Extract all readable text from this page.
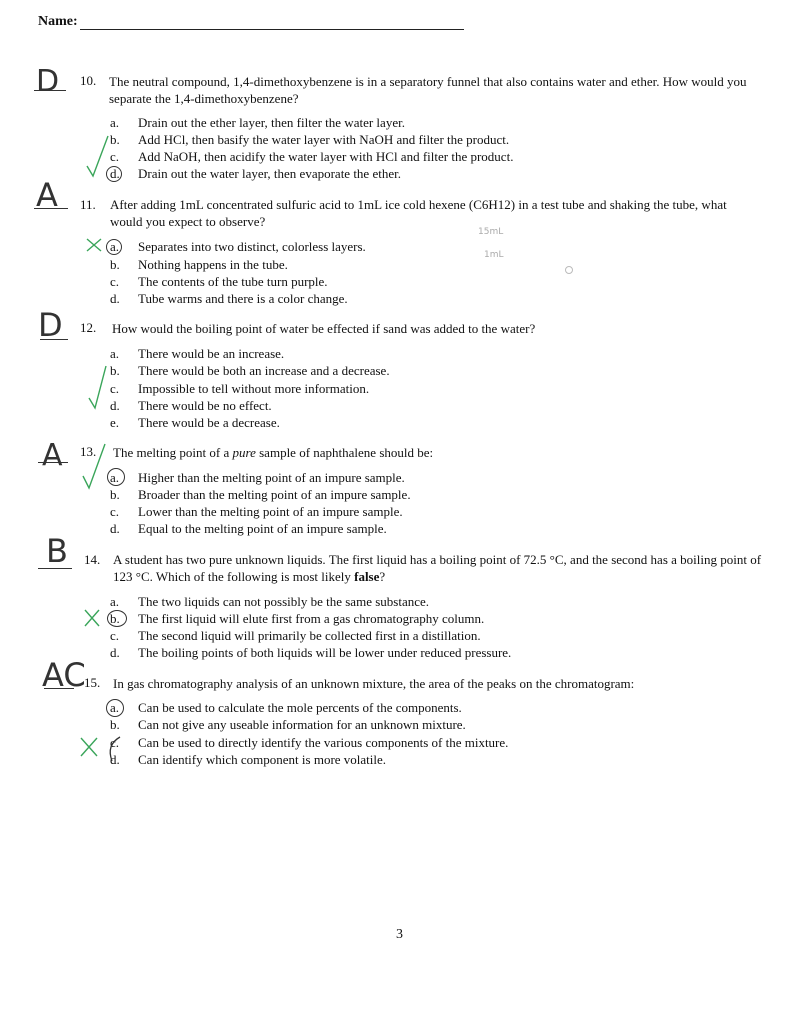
Name:
D 10. The neutral compound, 1,4-dimethoxybenzene is in a separatory funnel that also contains water and ether. How would you separate the 1,4-dimethoxybenzene?
a. Drain out the ether layer, then filter the water layer.
b. Add HCl, then basify the water layer with NaOH and filter the product.
c. Add NaOH, then acidify the water layer with HCl and filter the product.
d. Drain out the water layer, then evaporate the ether.
A 11. After adding 1mL concentrated sulfuric acid to 1mL ice cold hexene (C6H12) in a test tube and shaking the tube, what would you expect to observe?
15mL
1mL
a. Separates into two distinct, colorless layers.
b. Nothing happens in the tube.
c. The contents of the tube turn purple.
d. Tube warms and there is a color change.
D 12. How would the boiling point of water be effected if sand was added to the water?
a. There would be an increase.
b. There would be both an increase and a decrease.
c. Impossible to tell without more information.
d. There would be no effect.
e. There would be a decrease.
A 13. The melting point of a pure sample of naphthalene should be:
a. Higher than the melting point of an impure sample.
b. Broader than the melting point of an impure sample.
c. Lower than the melting point of an impure sample.
d. Equal to the melting point of an impure sample.
B 14. A student has two pure unknown liquids. The first liquid has a boiling point of 72.5 °C, and the second has a boiling point of 123 °C. Which of the following is most likely false?
a. The two liquids can not possibly be the same substance.
b. The first liquid will elute first from a gas chromatography column.
c. The second liquid will primarily be collected first in a distillation.
d. The boiling points of both liquids will be lower under reduced pressure.
AC
15. In gas chromatography analysis of an unknown mixture, the area of the peaks on the chromatogram:
a. Can be used to calculate the mole percents of the components.
b. Can not give any useable information for an unknown mixture.
c. Can be used to directly identify the various components of the mixture.
d. Can identify which component is more volatile.
3
